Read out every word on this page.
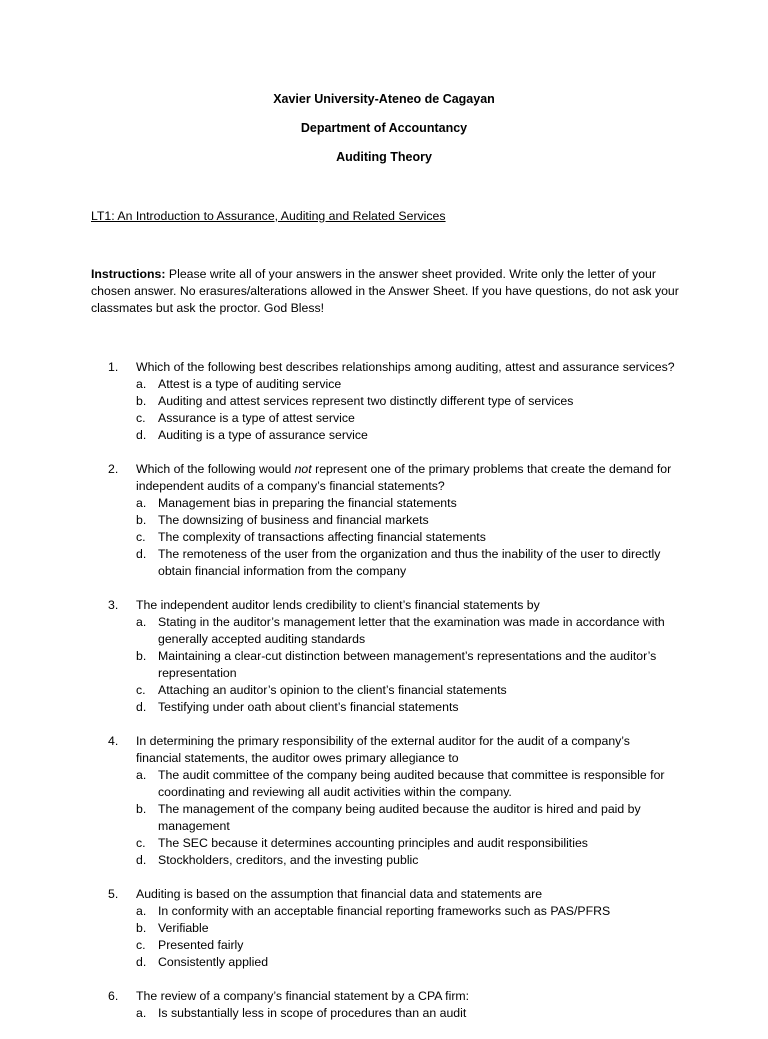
Xavier University-Ateneo de Cagayan
Department of Accountancy
Auditing Theory
LT1: An Introduction to Assurance, Auditing and Related Services
Instructions: Please write all of your answers in the answer sheet provided. Write only the letter of your chosen answer. No erasures/alterations allowed in the Answer Sheet. If you have questions, do not ask your classmates but ask the proctor. God Bless!
1.	Which of the following best describes relationships among auditing, attest and assurance services?
a. Attest is a type of auditing service
b. Auditing and attest services represent two distinctly different type of services
c.	Assurance is a type of attest service
d. Auditing is a type of assurance service
2.	Which of the following would not represent one of the primary problems that create the demand for independent audits of a company’s financial statements?
a. Management bias in preparing the financial statements
b. The downsizing of business and financial markets
c.	The complexity of transactions affecting financial statements
d. The remoteness of the user from the organization and thus the inability of the user to directly obtain financial information from the company
3.	The independent auditor lends credibility to client’s financial statements by
a. Stating in the auditor’s management letter that the examination was made in accordance with generally accepted auditing standards
b. Maintaining a clear-cut distinction between management’s representations and the auditor’s representation
c.	Attaching an auditor’s opinion to the client’s financial statements
d. Testifying under oath about client’s financial statements
4.	In determining the primary responsibility of the external auditor for the audit of a company’s financial statements, the auditor owes primary allegiance to
a. The audit committee of the company being audited because that committee is responsible for coordinating and reviewing all audit activities within the company.
b. The management of the company being audited because the auditor is hired and paid by management
c.	The SEC because it determines accounting principles and audit responsibilities
d. Stockholders, creditors, and the investing public
5.	Auditing is based on the assumption that financial data and statements are
a. In conformity with an acceptable financial reporting frameworks such as PAS/PFRS
b. Verifiable
c.	Presented fairly
d. Consistently applied
6.	The review of a company’s financial statement by a CPA firm:
a. Is substantially less in scope of procedures than an audit
